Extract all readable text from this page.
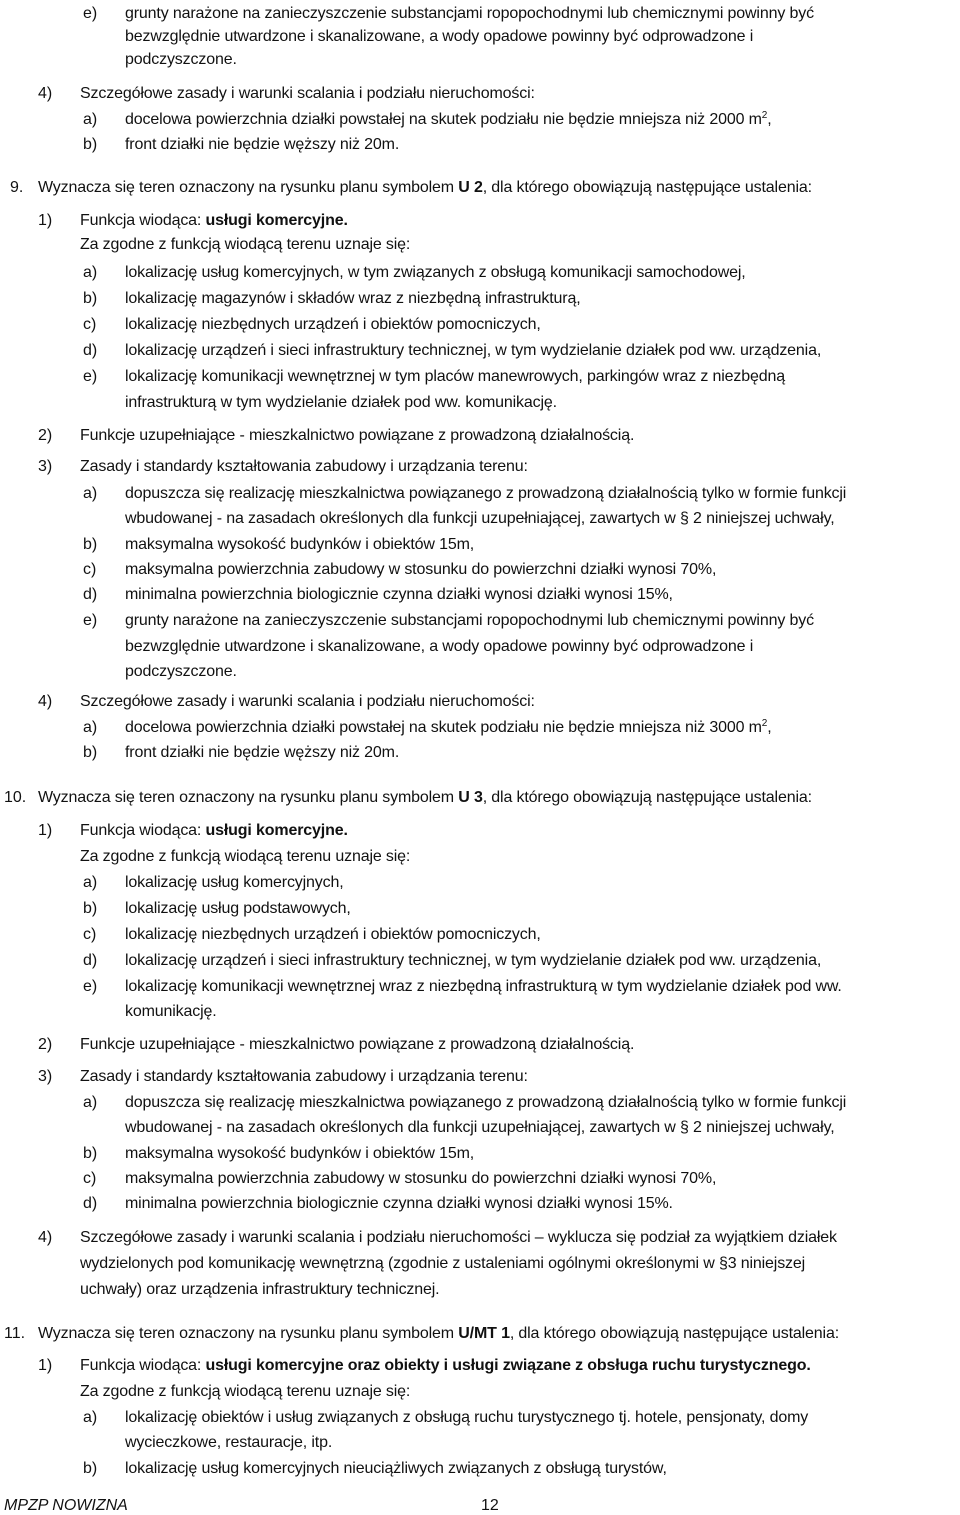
e) grunty narażone na zanieczyszczenie substancjami ropopochodnymi lub chemicznymi powinny być
bezwzględnie utwardzone i skanalizowane, a wody opadowe powinny być odprowadzone i
podczyszczone.
4) Szczegółowe zasady i warunki scalania i podziału nieruchomości:
a) docelowa powierzchnia działki powstałej na skutek podziału nie będzie mniejsza niż 2000 $m^2$,
b) front działki nie będzie węższy niż 20m.
9. Wyznacza się teren oznaczony na rysunku planu symbolem U 2, dla którego obowiązują następujące ustalenia:
1) Funkcja wiodąca: usługi komercyjne.
Za zgodne z funkcją wiodącą terenu uznaje się:
a) lokalizację usług komercyjnych, w tym związanych z obsługą komunikacji samochodowej,
b) lokalizację magazynów i składów wraz z niezbędną infrastrukturą,
c) lokalizację niezbędnych urządzeń i obiektów pomocniczych,
d) lokalizację urządzeń i sieci infrastruktury technicznej, w tym wydzielanie działek pod ww. urządzenia,
e) lokalizację komunikacji wewnętrznej w tym placów manewrowych, parkingów wraz z niezbędną
infrastrukturą w tym wydzielanie działek pod ww. komunikację.
2) Funkcje uzupełniające - mieszkalnictwo powiązane z prowadzoną działalnością.
3) Zasady i standardy kształtowania zabudowy i urządzania terenu:
a) dopuszcza się realizację mieszkalnictwa powiązanego z prowadzoną działalnością tylko w formie funkcji
wbudowanej - na zasadach określonych dla funkcji uzupełniającej, zawartych w § 2 niniejszej uchwały,
b) maksymalna wysokość budynków i obiektów 15m,
c) maksymalna powierzchnia zabudowy w stosunku do powierzchni działki wynosi 70%,
d) minimalna powierzchnia biologicznie czynna działki wynosi działki wynosi 15%,
e) grunty narażone na zanieczyszczenie substancjami ropopochodnymi lub chemicznymi powinny być
bezwzględnie utwardzone i skanalizowane, a wody opadowe powinny być odprowadzone i
podczyszczone.
4) Szczegółowe zasady i warunki scalania i podziału nieruchomości:
a) docelowa powierzchnia działki powstałej na skutek podziału nie będzie mniejsza niż 3000 $m^2$,
b) front działki nie będzie węższy niż 20m.
10. Wyznacza się teren oznaczony na rysunku planu symbolem U 3, dla którego obowiązują następujące ustalenia:
1) Funkcja wiodąca: usługi komercyjne.
Za zgodne z funkcją wiodącą terenu uznaje się:
a) lokalizację usług komercyjnych,
b) lokalizację usług podstawowych,
c) lokalizację niezbędnych urządzeń i obiektów pomocniczych,
d) lokalizację urządzeń i sieci infrastruktury technicznej, w tym wydzielanie działek pod ww. urządzenia,
e) lokalizację komunikacji wewnętrznej wraz z niezbędną infrastrukturą w tym wydzielanie działek pod ww.
komunikację.
2) Funkcje uzupełniające - mieszkalnictwo powiązane z prowadzoną działalnością.
3) Zasady i standardy kształtowania zabudowy i urządzania terenu:
a) dopuszcza się realizację mieszkalnictwa powiązanego z prowadzoną działalnością tylko w formie funkcji
wbudowanej - na zasadach określonych dla funkcji uzupełniającej, zawartych w § 2 niniejszej uchwały,
b) maksymalna wysokość budynków i obiektów 15m,
c) maksymalna powierzchnia zabudowy w stosunku do powierzchni działki wynosi 70%,
d) minimalna powierzchnia biologicznie czynna działki wynosi działki wynosi 15%.
4) Szczegółowe zasady i warunki scalania i podziału nieruchomości – wyklucza się podział za wyjątkiem działek
wydzielonych pod komunikację wewnętrzną (zgodnie z ustaleniami ogólnymi określonymi w §3 niniejszej
uchwały) oraz urządzenia infrastruktury technicznej.
11. Wyznacza się teren oznaczony na rysunku planu symbolem U/MT 1, dla którego obowiązują następujące ustalenia:
1) Funkcja wiodąca: usługi komercyjne oraz obiekty i usługi związane z obsługa ruchu turystycznego.
Za zgodne z funkcją wiodącą terenu uznaje się:
a) lokalizację obiektów i usług związanych z obsługą ruchu turystycznego tj. hotele, pensjonaty, domy
wycieczkowe, restauracje, itp.
b) lokalizację usług komercyjnych nieuciążliwych związanych z obsługą turystów,
MPZP NOWIZNA	12
